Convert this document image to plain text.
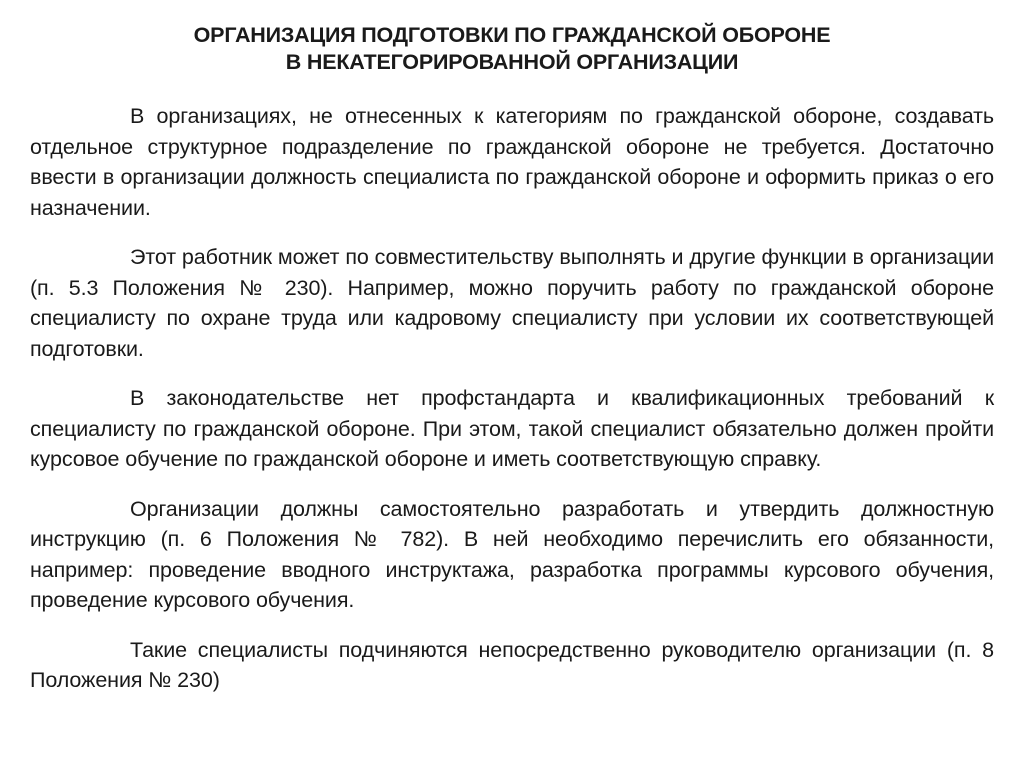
ОРГАНИЗАЦИЯ ПОДГОТОВКИ ПО ГРАЖДАНСКОЙ ОБОРОНЕ
В НЕКАТЕГОРИРОВАННОЙ ОРГАНИЗАЦИИ

В организациях, не отнесенных к категориям по гражданской обороне, создавать отдельное структурное подразделение по гражданской обороне не требуется. Достаточно ввести в организации должность специалиста по гражданской обороне и оформить приказ о его назначении.

Этот работник может по совместительству выполнять и другие функции в организации (п. 5.3 Положения № 230). Например, можно поручить работу по гражданской обороне специалисту по охране труда или кадровому специалисту при условии их соответствующей подготовки.

В законодательстве нет профстандарта и квалификационных требований к специалисту по гражданской обороне. При этом, такой специалист обязательно должен пройти курсовое обучение по гражданской обороне и иметь соответствующую справку.

Организации должны самостоятельно разработать и утвердить должностную инструкцию (п. 6 Положения № 782). В ней необходимо перечислить его обязанности, например: проведение вводного инструктажа, разработка программы курсового обучения, проведение курсового обучения.

Такие специалисты подчиняются непосредственно руководителю организации (п. 8 Положения № 230)
